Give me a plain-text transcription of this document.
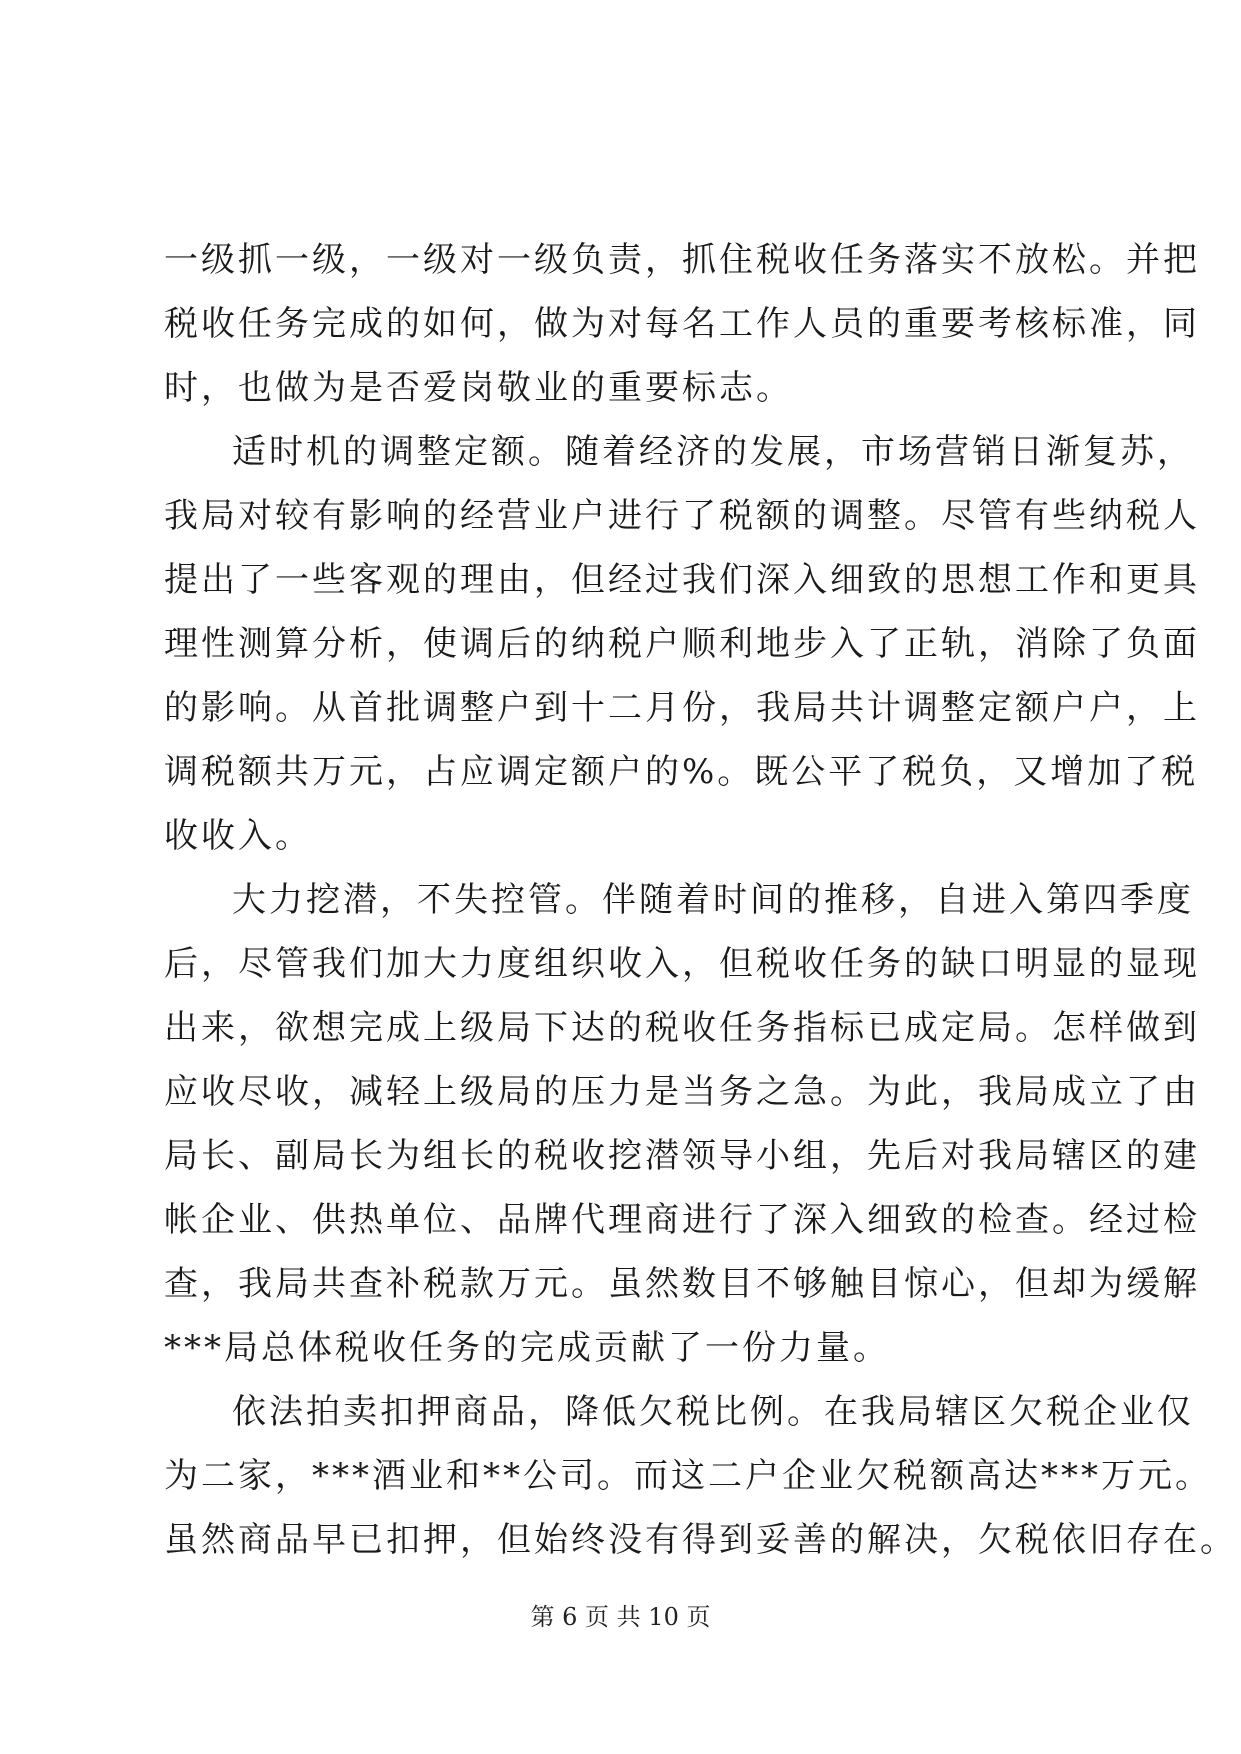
一级抓一级，一级对一级负责，抓住税收任务落实不放松。并把
税收任务完成的如何，做为对每名工作人员的重要考核标准，同
时，也做为是否爱岗敬业的重要标志。
适时机的调整定额。随着经济的发展，市场营销日渐复苏，
我局对较有影响的经营业户进行了税额的调整。尽管有些纳税人
提出了一些客观的理由，但经过我们深入细致的思想工作和更具
理性测算分析，使调后的纳税户顺利地步入了正轨，消除了负面
的影响。从首批调整户到十二月份，我局共计调整定额户户，上
调税额共万元，占应调定额户的%。既公平了税负，又增加了税
收收入。
大力挖潜，不失控管。伴随着时间的推移，自进入第四季度
后，尽管我们加大力度组织收入，但税收任务的缺口明显的显现
出来，欲想完成上级局下达的税收任务指标已成定局。怎样做到
应收尽收，减轻上级局的压力是当务之急。为此，我局成立了由
局长、副局长为组长的税收挖潜领导小组，先后对我局辖区的建
帐企业、供热单位、品牌代理商进行了深入细致的检查。经过检
查，我局共查补税款万元。虽然数目不够触目惊心，但却为缓解
***局总体税收任务的完成贡献了一份力量。
依法拍卖扣押商品，降低欠税比例。在我局辖区欠税企业仅
为二家，***酒业和**公司。而这二户企业欠税额高达***万元。
虽然商品早已扣押，但始终没有得到妥善的解决，欠税依旧存在。
第 6 页 共 10 页
